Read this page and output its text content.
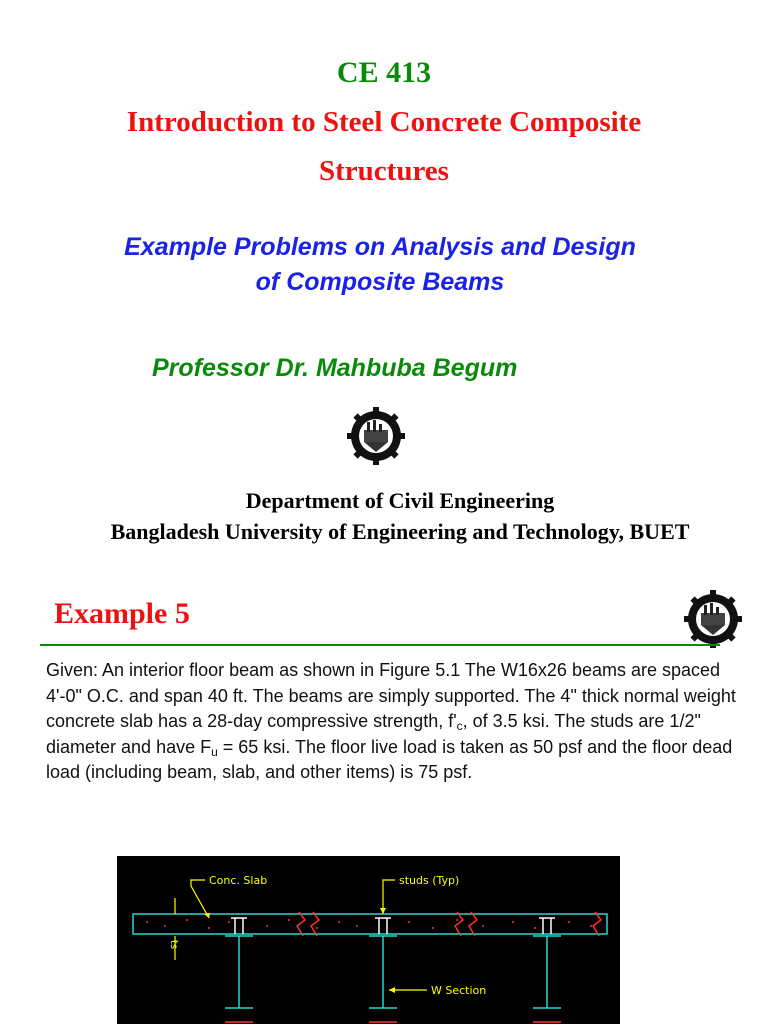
CE 413
Introduction to Steel Concrete Composite
Structures
Example Problems on Analysis and Design
of Composite Beams
Professor Dr. Mahbuba Begum
Department of Civil Engineering
Bangladesh University of Engineering and Technology, BUET
Example 5
Given: An interior floor beam as shown in Figure 5.1 The W16x26 beams are spaced 4'-0" O.C. and span 40 ft. The beams are simply supported. The 4" thick normal weight concrete slab has a 28-day compressive strength, $f'_c$, of 3.5 ksi. The studs are 1/2" diameter and have $F_u = 65$ ksi. The floor live load is taken as 50 psf and the floor dead load (including beam, slab, and other items) is 75 psf.
Conc. Slab	studs (Typ)
W Section
ts
